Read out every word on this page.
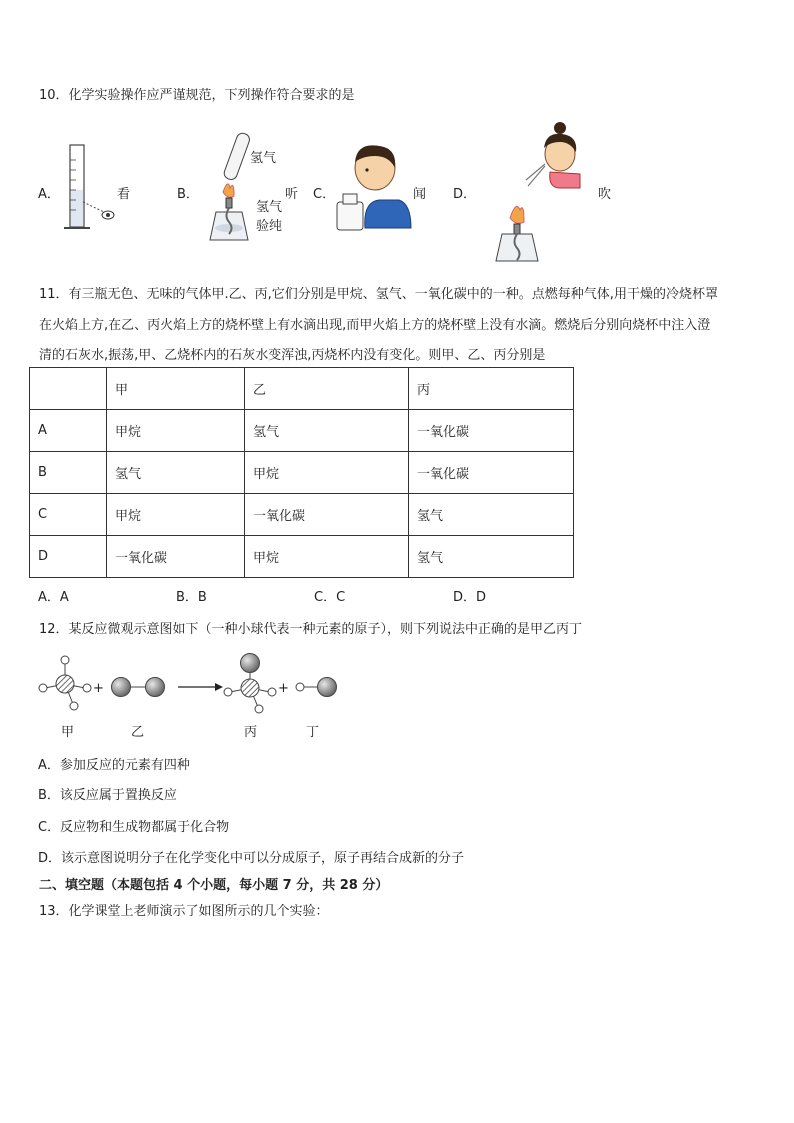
10．化学实验操作应严谨规范，下列操作符合要求的是
A．	看	B．
氢气
氢气
验纯
听 C．	闻 D．	吹
11．有三瓶无色、无味的气体甲.乙、丙,它们分别是甲烷、氢气、一氧化碳中的一种。点燃每种气体,用干燥的冷烧杯罩
在火焰上方,在乙、丙火焰上方的烧杯壁上有水滴出现,而甲火焰上方的烧杯壁上没有水滴。燃烧后分别向烧杯中注入澄
清的石灰水,振荡,甲、乙烧杯内的石灰水变浑浊,丙烧杯内没有变化。则甲、乙、丙分别是
	甲	乙	丙
A	甲烷	氢气	一氧化碳
B	氢气	甲烷	一氧化碳
C	甲烷	一氧化碳	氢气
D	一氧化碳	甲烷	氢气
A．A	B．B	C．C	D．D
12．某反应微观示意图如下（一种小球代表一种元素的原子），则下列说法中正确的是甲乙丙丁
+	+
甲	乙	丙	丁
A．参加反应的元素有四种
B．该反应属于置换反应
C．反应物和生成物都属于化合物
D．该示意图说明分子在化学变化中可以分成原子，原子再结合成新的分子
二、填空题（本题包括 4 个小题，每小题 7 分，共 28 分）
13．化学课堂上老师演示了如图所示的几个实验：
